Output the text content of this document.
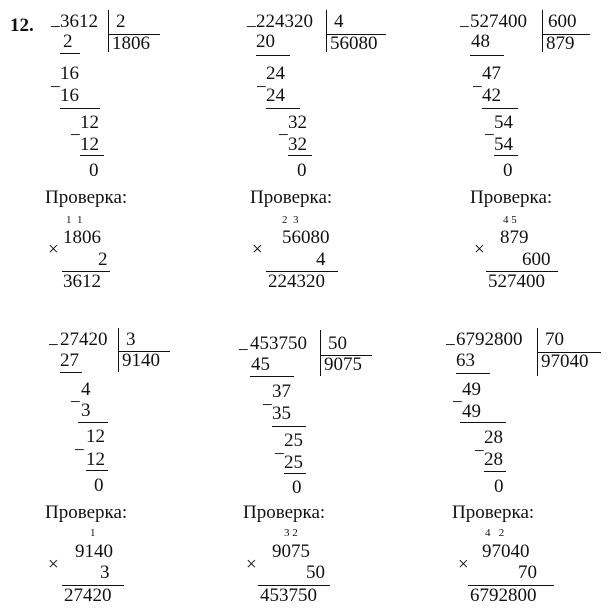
12. − 3612 2
1806
2
16
− 16
12
− 12
0
− 224320 4
56080
20
24
− 24
32
− 32
0
− 527400 600
879
48
47
− 42
54
− 54
0
Проверка:
1  1
×
1806
2
3612
Проверка:
2  3
×
56080
4
224320
Проверка:
4 5
×
879
600
527400
− 27420 3
9140
27
4
− 3
12
− 12
0
− 453750 50
9075
45
37
− 35
25
− 25
0
− 6792800 70
97040
63
49
− 49
28
− 28
0
Проверка:
1
×
9140
3
27420
Проверка:
3 2
×
9075
50
453750
Проверка:
4   2
×
97040
70
6792800
